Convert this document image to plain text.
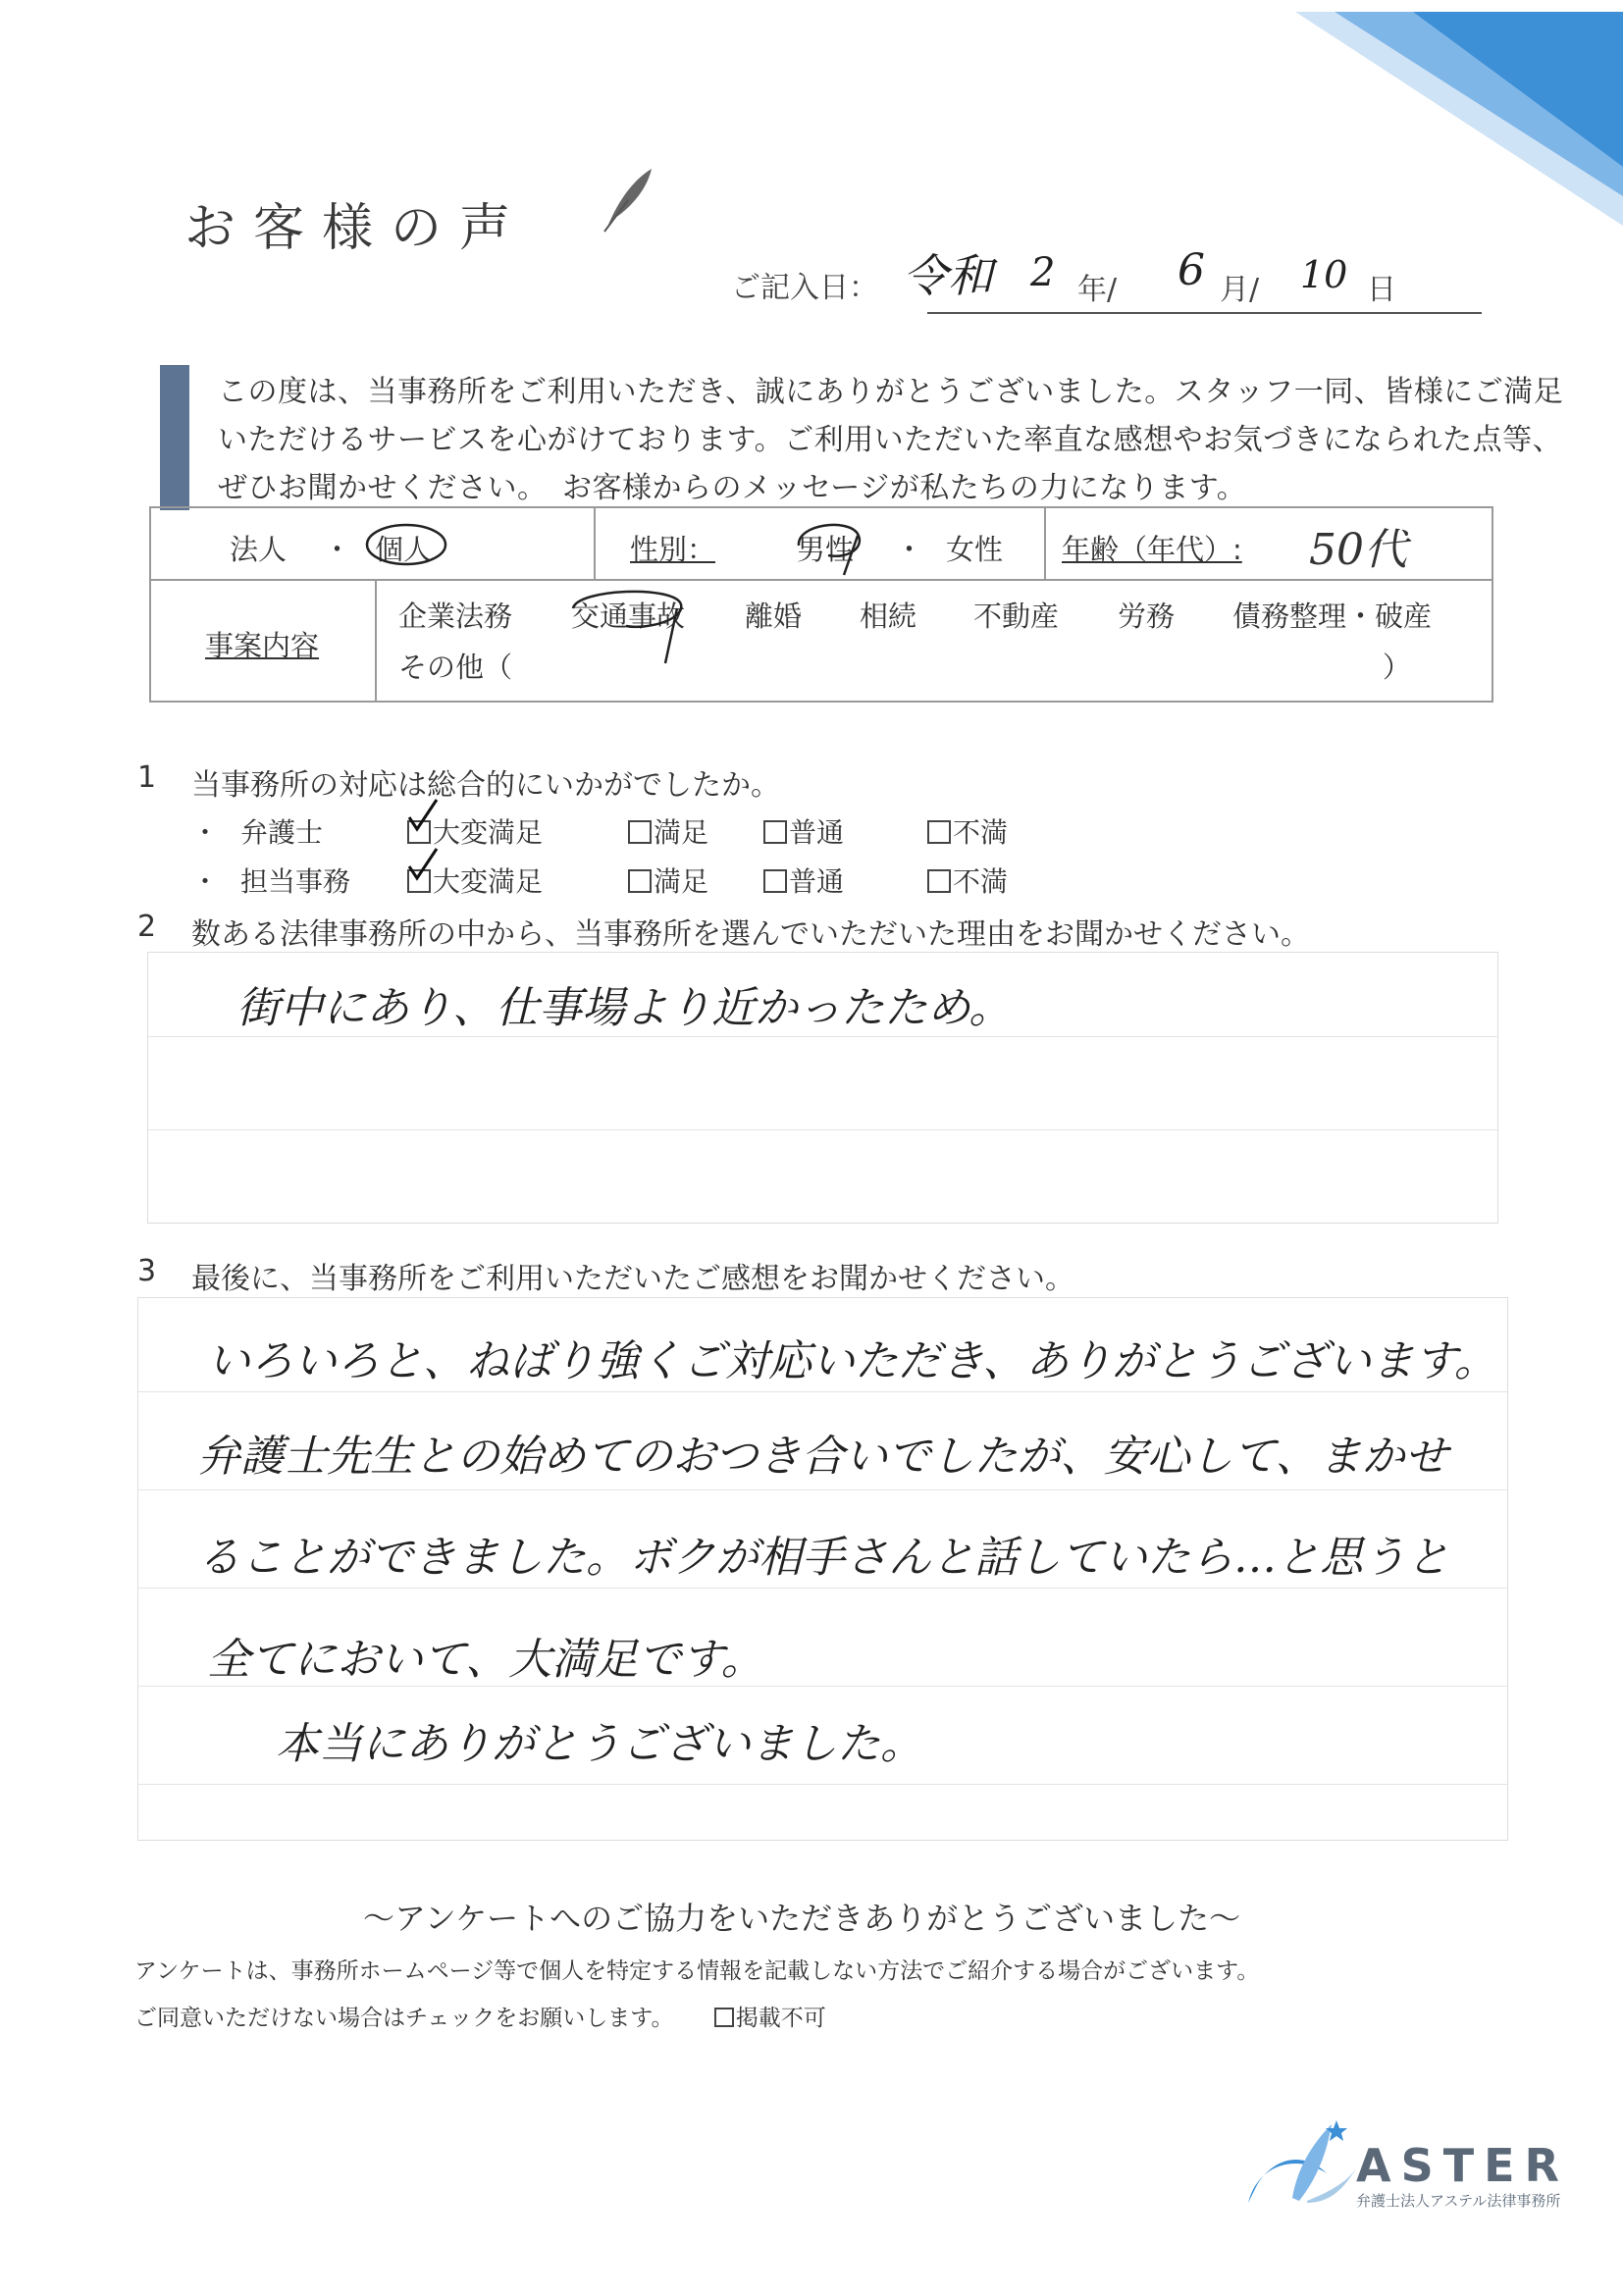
お客様の声
ご記入日： 令和 2 年/ 6 月/ 10 日
この度は、当事務所をご利用いただき、誠にありがとうございました。スタッフ一同、皆様にご満足
いただけるサービスを心がけております。ご利用いただいた率直な感想やお気づきになられた点等、
ぜひお聞かせください。　お客様からのメッセージが私たちの力になります。
法人 ・ 個人	性別：	男性 ・ 女性 年齢（年代）: 50代
事案内容
企業法務 交通事故 離婚 相続 不動産 労務 債務整理・破産
その他（	）
1 当事務所の対応は総合的にいかがでしたか。
・ 弁護士	大変満足	満足	普通	不満
・ 担当事務	大変満足	満足	普通	不満
2 数ある法律事務所の中から、当事務所を選んでいただいた理由をお聞かせください。
街中にあり、仕事場より近かったため。
3 最後に、当事務所をご利用いただいたご感想をお聞かせください。
いろいろと、ねばり強くご対応いただき、ありがとうございます。
弁護士先生との始めてのおつき合いでしたが、安心して、まかせ
ることができました。ボクが相手さんと話していたら…と思うと
全てにおいて、大満足です。
本当にありがとうございました。
〜アンケートへのご協力をいただきありがとうございました〜
アンケートは、事務所ホームページ等で個人を特定する情報を記載しない方法でご紹介する場合がございます。
ご同意いただけない場合はチェックをお願いします。	掲載不可
ASTER
弁護士法人アステル法律事務所
